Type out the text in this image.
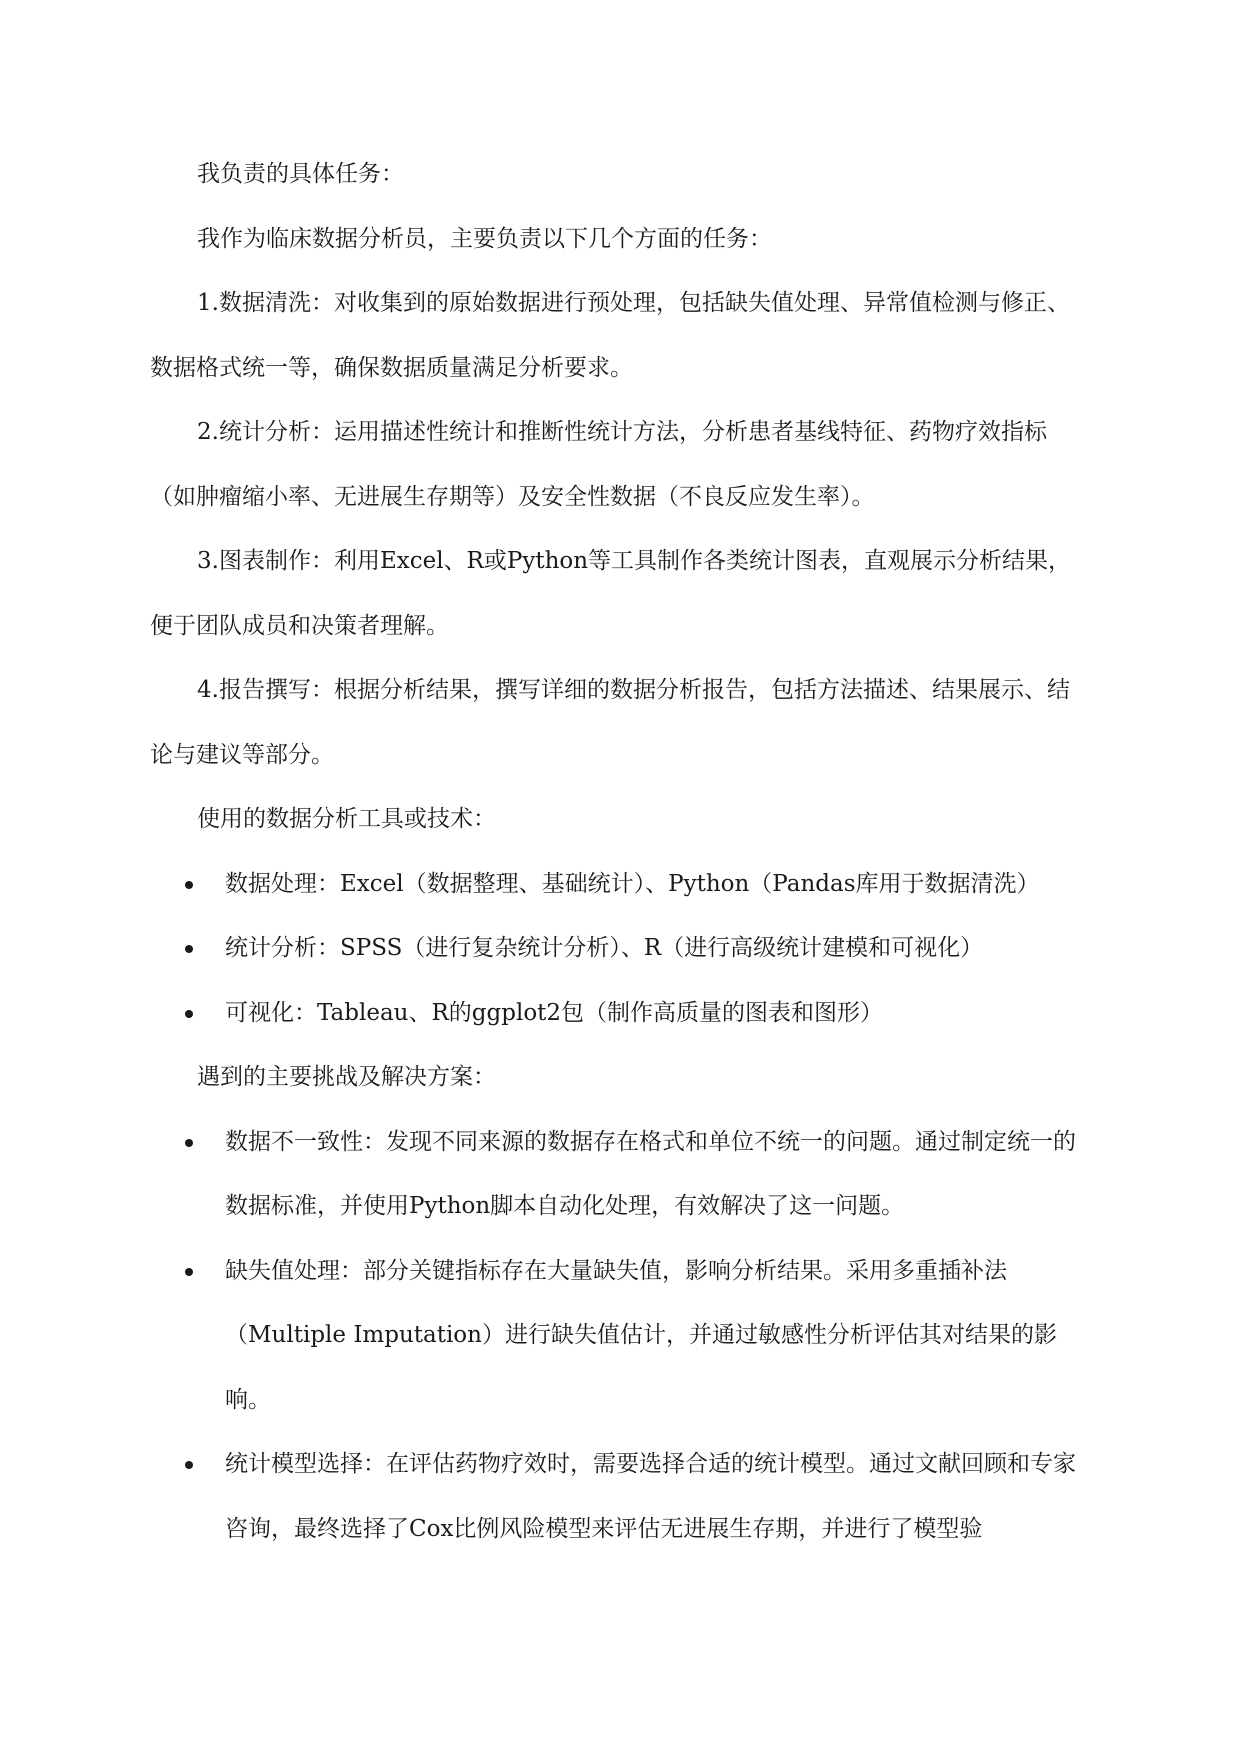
我负责的具体任务：

我作为临床数据分析员，主要负责以下几个方面的任务：

1.数据清洗：对收集到的原始数据进行预处理，包括缺失值处理、异常值检测与修正、数据格式统一等，确保数据质量满足分析要求。

2.统计分析：运用描述性统计和推断性统计方法，分析患者基线特征、药物疗效指标（如肿瘤缩小率、无进展生存期等）及安全性数据（不良反应发生率）。

3.图表制作：利用Excel、R或Python等工具制作各类统计图表，直观展示分析结果，便于团队成员和决策者理解。

4.报告撰写：根据分析结果，撰写详细的数据分析报告，包括方法描述、结果展示、结论与建议等部分。

使用的数据分析工具或技术：

数据处理：Excel（数据整理、基础统计）、Python（Pandas库用于数据清洗）
统计分析：SPSS（进行复杂统计分析）、R（进行高级统计建模和可视化）
可视化：Tableau、R的ggplot2包（制作高质量的图表和图形）

遇到的主要挑战及解决方案：

数据不一致性：发现不同来源的数据存在格式和单位不统一的问题。通过制定统一的数据标准，并使用Python脚本自动化处理，有效解决了这一问题。
缺失值处理：部分关键指标存在大量缺失值，影响分析结果。采用多重插补法（Multiple Imputation）进行缺失值估计，并通过敏感性分析评估其对结果的影响。
统计模型选择：在评估药物疗效时，需要选择合适的统计模型。通过文献回顾和专家咨询，最终选择了Cox比例风险模型来评估无进展生存期，并进行了模型验
